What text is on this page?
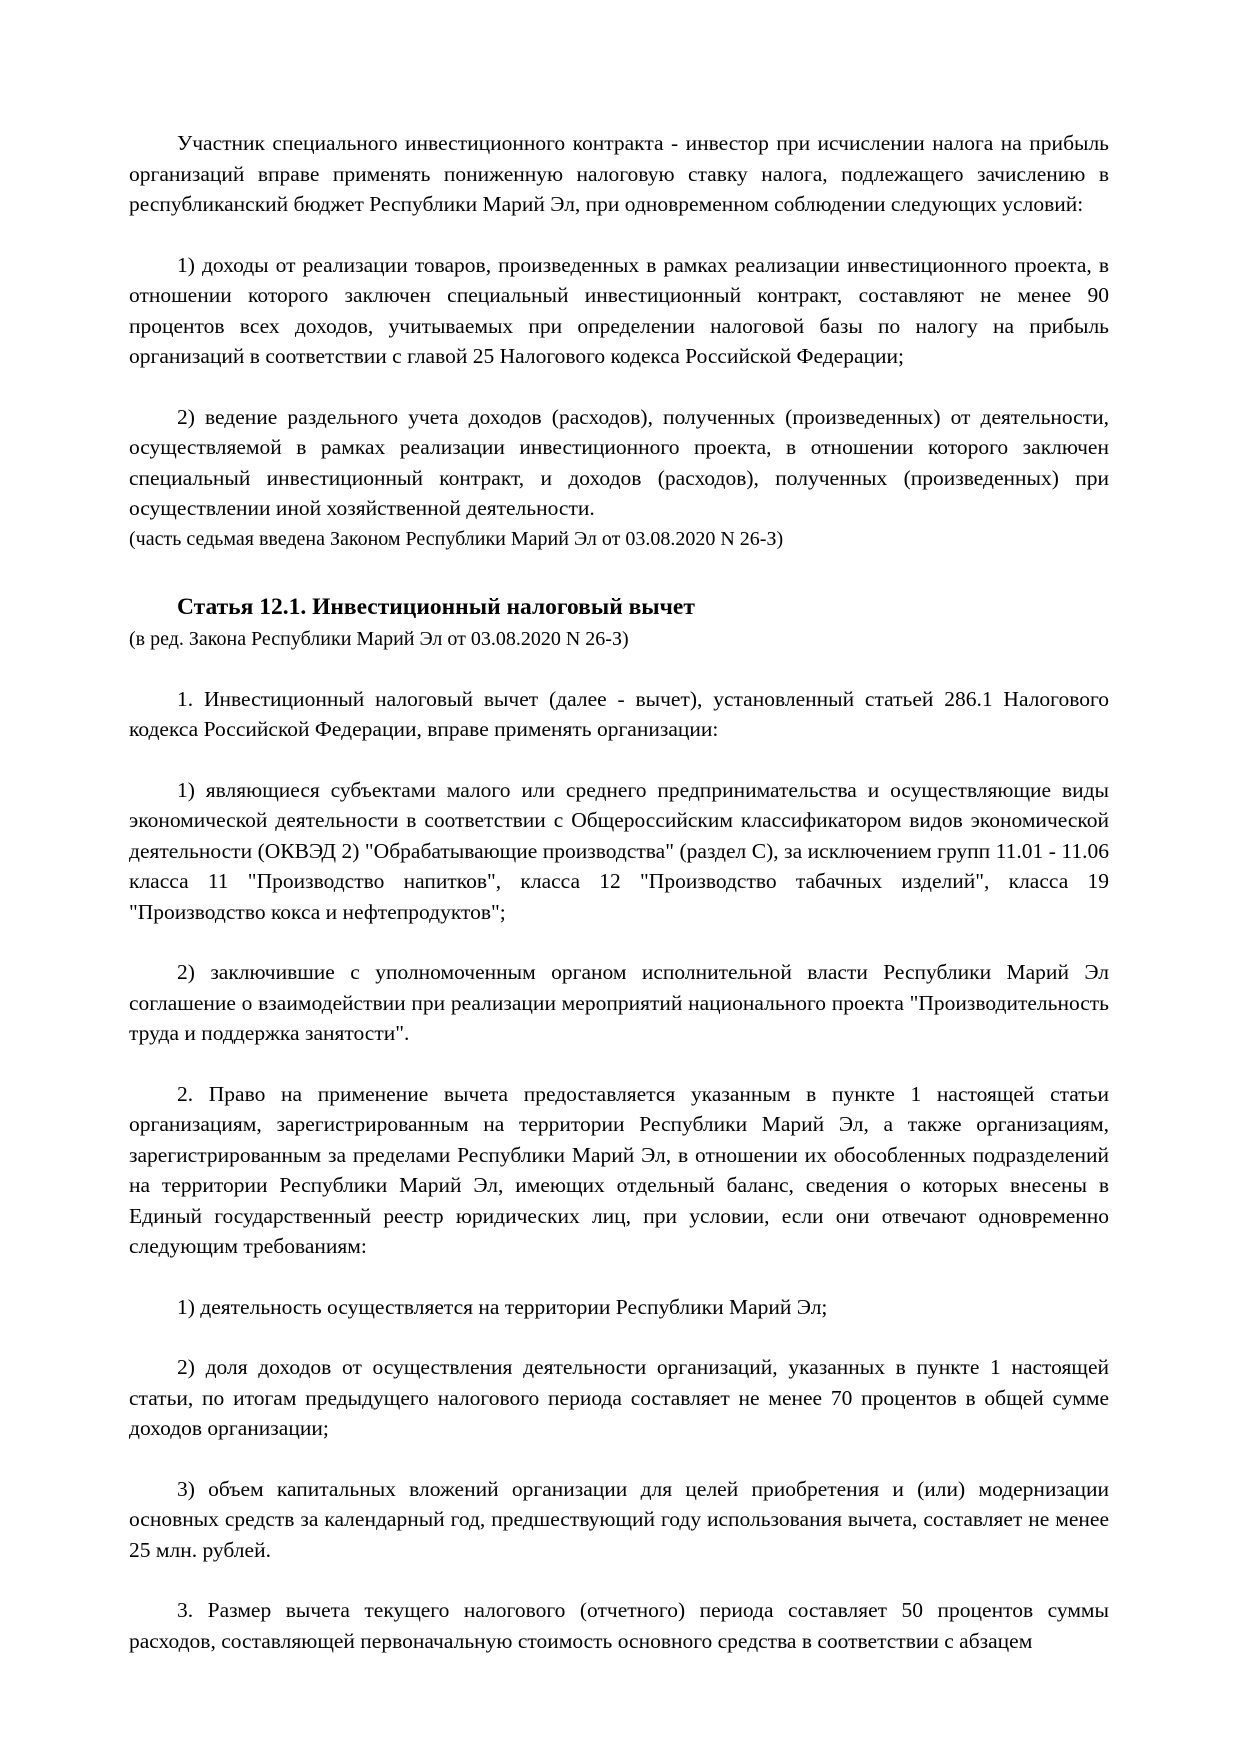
Участник специального инвестиционного контракта - инвестор при исчислении налога на прибыль организаций вправе применять пониженную налоговую ставку налога, подлежащего зачислению в республиканский бюджет Республики Марий Эл, при одновременном соблюдении следующих условий:

1) доходы от реализации товаров, произведенных в рамках реализации инвестиционного проекта, в отношении которого заключен специальный инвестиционный контракт, составляют не менее 90 процентов всех доходов, учитываемых при определении налоговой базы по налогу на прибыль организаций в соответствии с главой 25 Налогового кодекса Российской Федерации;

2) ведение раздельного учета доходов (расходов), полученных (произведенных) от деятельности, осуществляемой в рамках реализации инвестиционного проекта, в отношении которого заключен специальный инвестиционный контракт, и доходов (расходов), полученных (произведенных) при осуществлении иной хозяйственной деятельности.

(часть седьмая введена Законом Республики Марий Эл от 03.08.2020 N 26-З)

Статья 12.1. Инвестиционный налоговый вычет

(в ред. Закона Республики Марий Эл от 03.08.2020 N 26-З)

1. Инвестиционный налоговый вычет (далее - вычет), установленный статьей 286.1 Налогового кодекса Российской Федерации, вправе применять организации:

1) являющиеся субъектами малого или среднего предпринимательства и осуществляющие виды экономической деятельности в соответствии с Общероссийским классификатором видов экономической деятельности (ОКВЭД 2) "Обрабатывающие производства" (раздел C), за исключением групп 11.01 - 11.06 класса 11 "Производство напитков", класса 12 "Производство табачных изделий", класса 19 "Производство кокса и нефтепродуктов";

2) заключившие с уполномоченным органом исполнительной власти Республики Марий Эл соглашение о взаимодействии при реализации мероприятий национального проекта "Производительность труда и поддержка занятости".

2. Право на применение вычета предоставляется указанным в пункте 1 настоящей статьи организациям, зарегистрированным на территории Республики Марий Эл, а также организациям, зарегистрированным за пределами Республики Марий Эл, в отношении их обособленных подразделений на территории Республики Марий Эл, имеющих отдельный баланс, сведения о которых внесены в Единый государственный реестр юридических лиц, при условии, если они отвечают одновременно следующим требованиям:

1) деятельность осуществляется на территории Республики Марий Эл;

2) доля доходов от осуществления деятельности организаций, указанных в пункте 1 настоящей статьи, по итогам предыдущего налогового периода составляет не менее 70 процентов в общей сумме доходов организации;

3) объем капитальных вложений организации для целей приобретения и (или) модернизации основных средств за календарный год, предшествующий году использования вычета, составляет не менее 25 млн. рублей.

3. Размер вычета текущего налогового (отчетного) периода составляет 50 процентов суммы расходов, составляющей первоначальную стоимость основного средства в соответствии с абзацем
